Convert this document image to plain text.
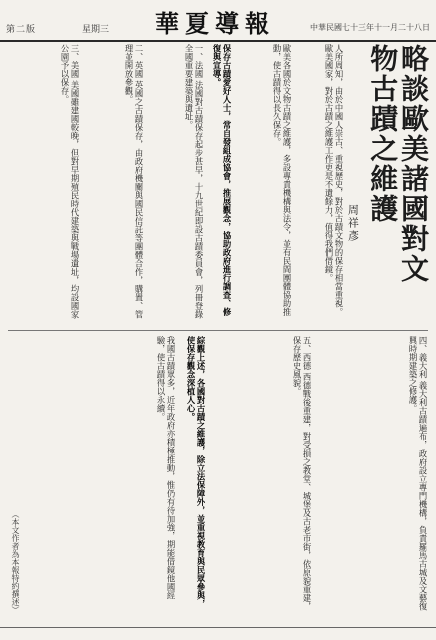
第二版	星期三	華夏導報	中華民國七十三年十一月二十八日
略談歐美諸國對文物古蹟之維護
周祥彥
人所周知，由於中國人崇古、重視歷史，對於古蹟文物的保存相當重視。歐美國家，對於古蹟之維護工作更是不遺餘力，值得我們借鏡。
歐美各國於文物古蹟之維護，多設專責機構與法令，並有民間團體協助推動，使古蹟得以長久保存。
保存古蹟愛好人士，常自發組成協會，推展觀念，協助政府進行調查、修復與宣導。
一、法國 法國對古蹟保存起步甚早，十九世紀即設古蹟委員會，列冊登錄全國重要建築與遺址。
二、英國 英國之古蹟保存，由政府機關與國民信託等團體合作，購置、管理並開放參觀。
三、美國 美國雖建國較晚，但對早期殖民時代建築與戰場遺址，均設國家公園予以保存。
四、義大利 義大利古蹟遍布，政府設立專門機構，負責羅馬古城及文藝復興時期建築之修護。
五、西德 西德戰後重建，對受損之教堂、城堡及古老市街，依原貌重建，保存歷史風貌。
綜觀上述，各國對古蹟之維護，除立法保障外，並重視教育與民眾參與，使保存觀念深植人心。
我國古蹟眾多，近年政府亦積極推動，惟仍有待加強，期能借鏡他國經驗，使古蹟得以永續。
（本文作者為本報特約撰述）
